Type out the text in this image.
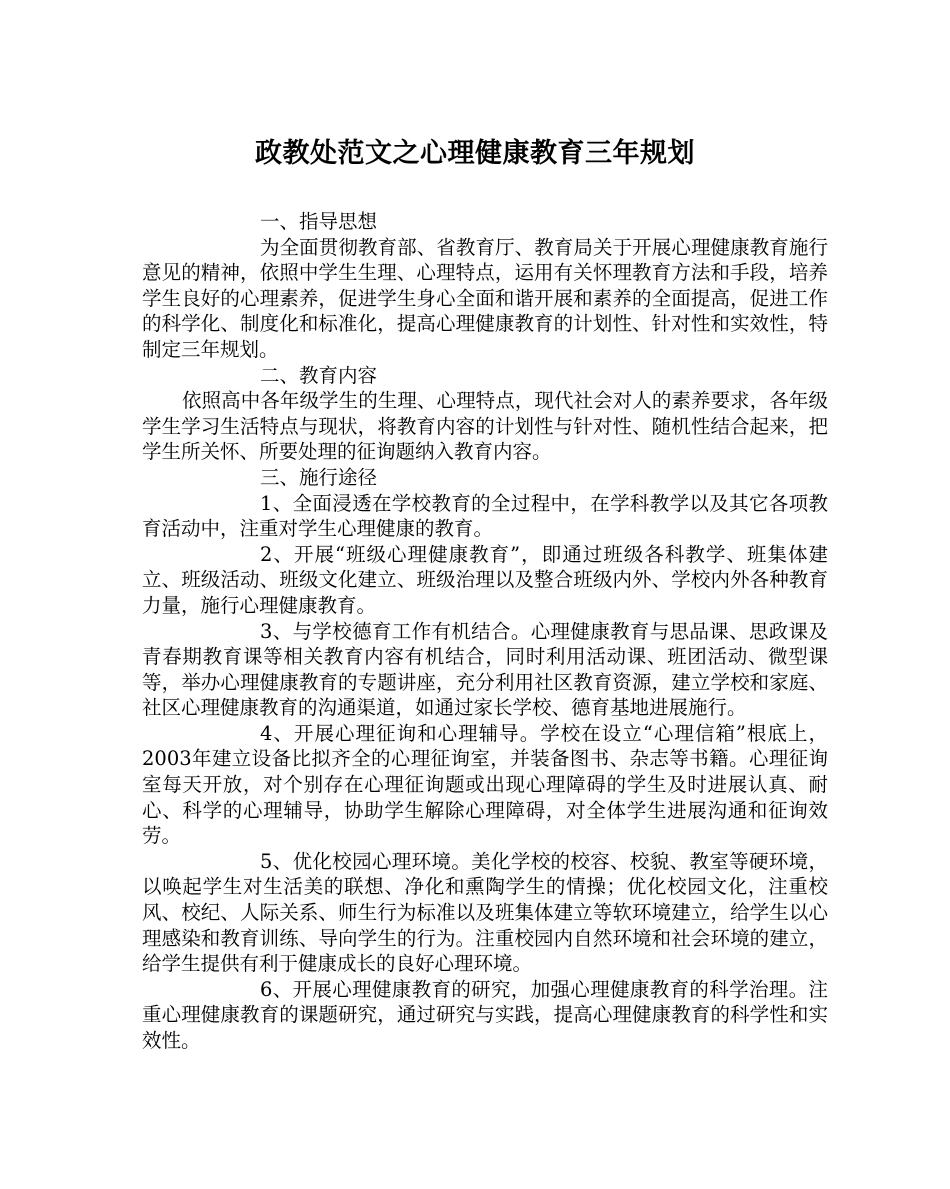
政教处范文之心理健康教育三年规划

一、指导思想

为全面贯彻教育部、省教育厅、教育局关于开展心理健康教育施行意见的精神，依照中学生生理、心理特点，运用有关怀理教育方法和手段，培养学生良好的心理素养，促进学生身心全面和谐开展和素养的全面提高，促进工作的科学化、制度化和标准化，提高心理健康教育的计划性、针对性和实效性，特制定三年规划。

二、教育内容

依照高中各年级学生的生理、心理特点，现代社会对人的素养要求，各年级学生学习生活特点与现状，将教育内容的计划性与针对性、随机性结合起来，把学生所关怀、所要处理的征询题纳入教育内容。

三、施行途径

1、全面浸透在学校教育的全过程中，在学科教学以及其它各项教育活动中，注重对学生心理健康的教育。

2、开展“班级心理健康教育”，即通过班级各科教学、班集体建立、班级活动、班级文化建立、班级治理以及整合班级内外、学校内外各种教育力量，施行心理健康教育。

3、与学校德育工作有机结合。心理健康教育与思品课、思政课及青春期教育课等相关教育内容有机结合，同时利用活动课、班团活动、微型课等，举办心理健康教育的专题讲座，充分利用社区教育资源，建立学校和家庭、社区心理健康教育的沟通渠道，如通过家长学校、德育基地进展施行。

4、开展心理征询和心理辅导。学校在设立“心理信箱”根底上，2003年建立设备比拟齐全的心理征询室，并装备图书、杂志等书籍。心理征询室每天开放，对个别存在心理征询题或出现心理障碍的学生及时进展认真、耐心、科学的心理辅导，协助学生解除心理障碍，对全体学生进展沟通和征询效劳。

5、优化校园心理环境。美化学校的校容、校貌、教室等硬环境，以唤起学生对生活美的联想、净化和熏陶学生的情操；优化校园文化，注重校风、校纪、人际关系、师生行为标准以及班集体建立等软环境建立，给学生以心理感染和教育训练、导向学生的行为。注重校园内自然环境和社会环境的建立，给学生提供有利于健康成长的良好心理环境。

6、开展心理健康教育的研究，加强心理健康教育的科学治理。注重心理健康教育的课题研究，通过研究与实践，提高心理健康教育的科学性和实效性。
